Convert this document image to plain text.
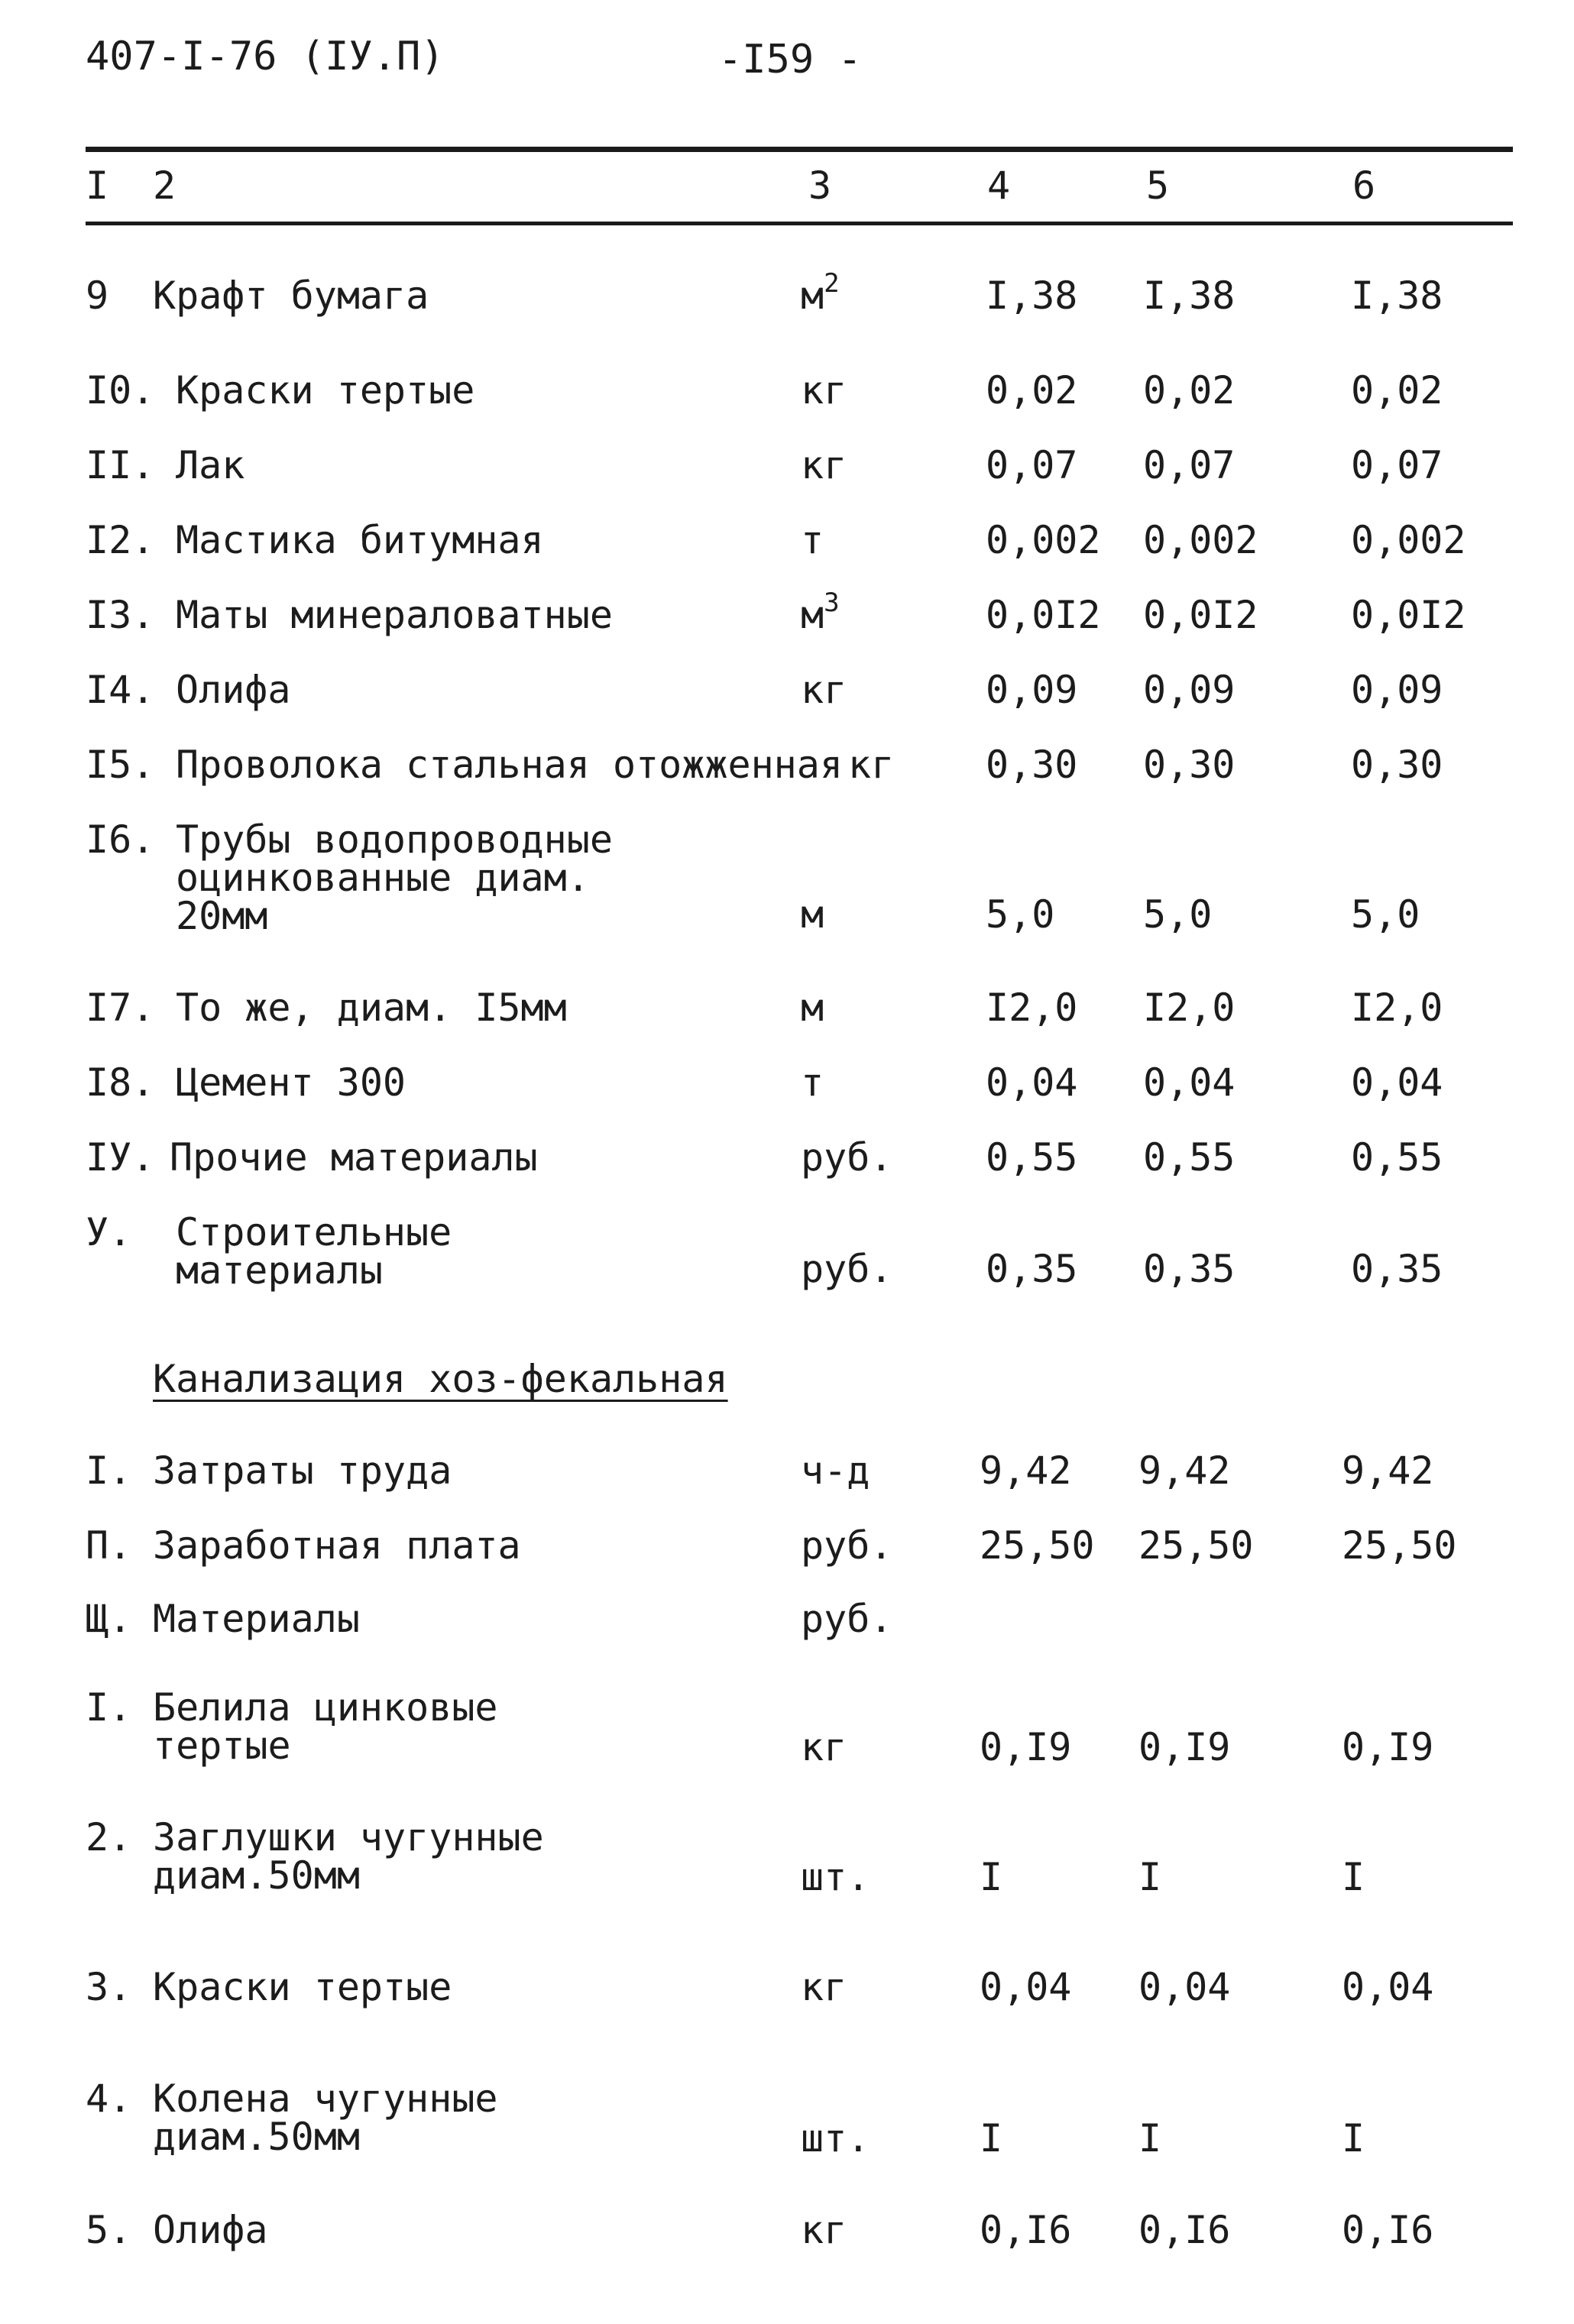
407-I-76 (IУ.П)	-I59 -
I 2	3	4	5	6
9 Крафт бумага	$м^2$	I,38 I,38	I,38
I0. Краски тертые	кг	0,02 0,02	0,02
II. Лак	кг	0,07 0,07	0,07
I2. Мастика битумная	т	0,002 0,002 0,002
I3. Маты минераловатные	$м^3$	0,0I2 0,0I2 0,0I2
I4. Олифа	кг	0,09 0,09	0,09
I5. Проволока стальная отожженная кг 0,30 0,30	0,30
I6. Трубы водопроводные
оцинкованные диам.
20мм	м	5,0 5,0	5,0
I7. То же, диам. I5мм	м	I2,0 I2,0	I2,0
I8. Цемент 300	т	0,04 0,04	0,04
IУ. Прочие материалы	руб. 0,55 0,55	0,55
У. Строительные
материалы	руб. 0,35 0,35	0,35
Канализация хоз-фекальная
I. Затраты труда	ч-д	9,42 9,42	9,42
П. Заработная плата	руб. 25,50 25,50 25,50
Щ. Материалы	руб.
I. Белила цинковые
тертые	кг	0,I9 0,I9	0,I9
2. Заглушки чугунные
диам.50мм	шт.	I	I	I
3. Краски тертые	кг	0,04 0,04	0,04
4. Колена чугунные
диам.50мм	шт.	I	I	I
5. Олифа	кг	0,I6 0,I6	0,I6
